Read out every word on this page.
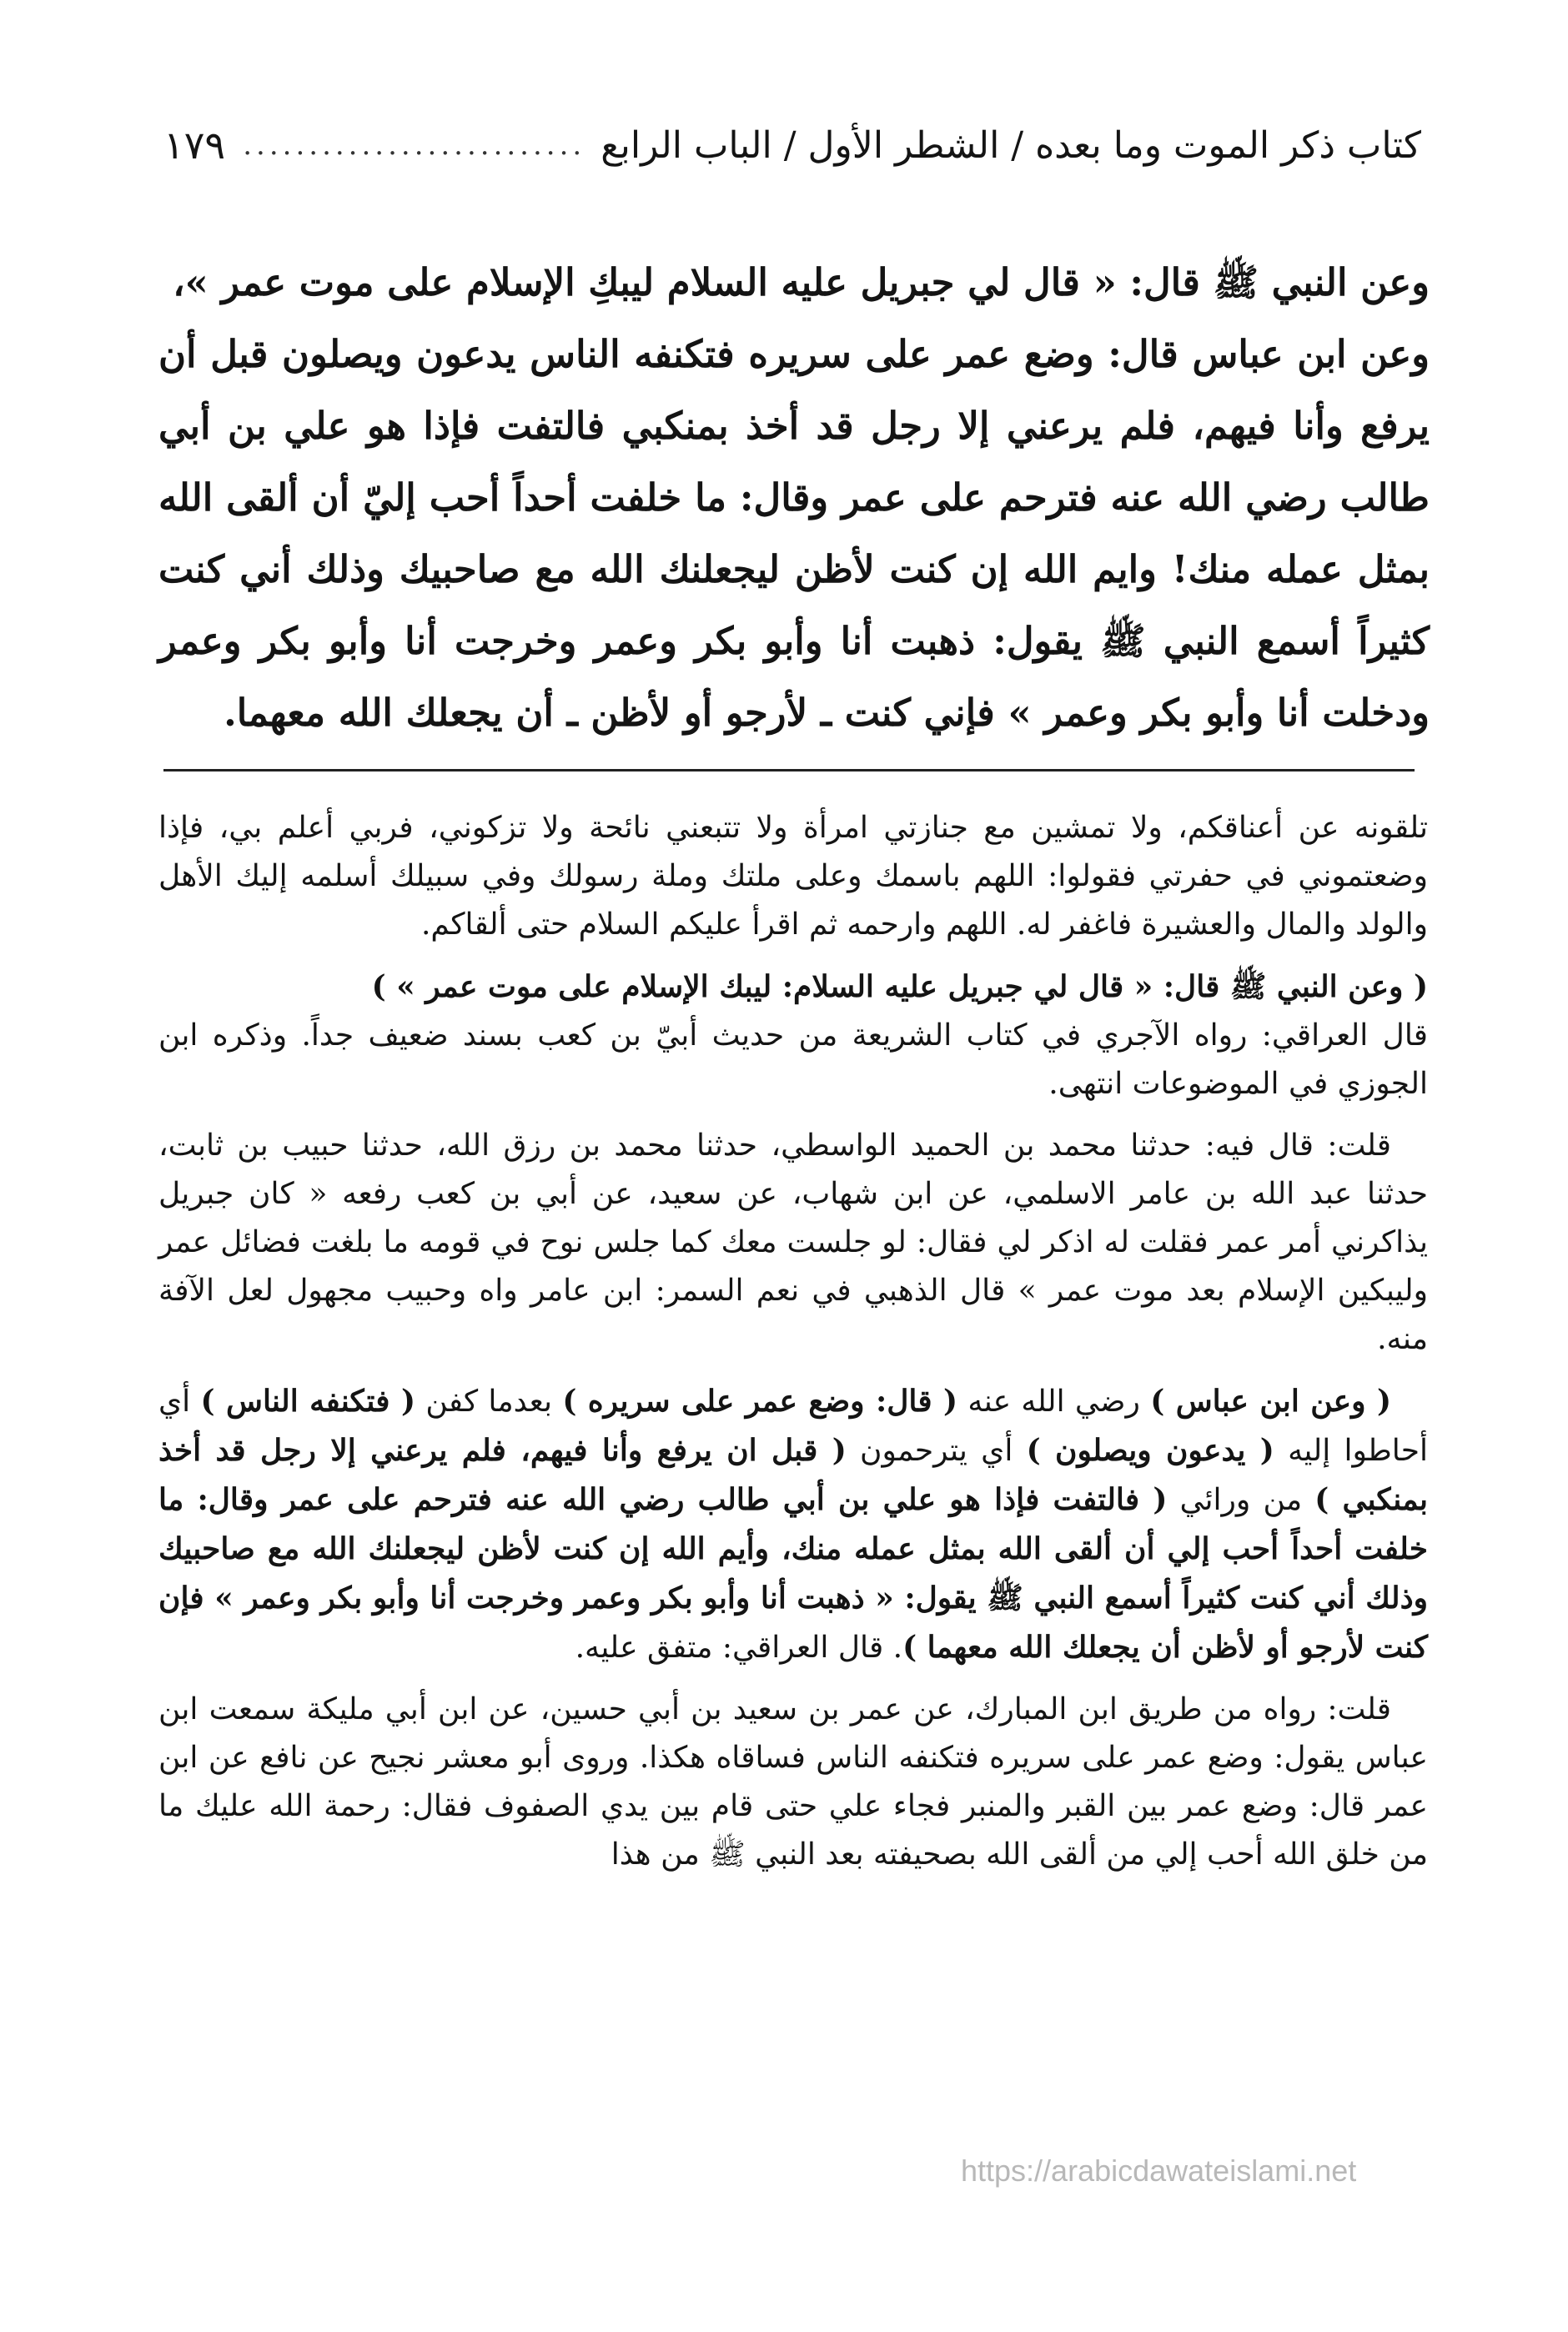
كتاب ذكر الموت وما بعده / الشطر الأول / الباب الرابع
..........................
١٧٩

وعن النبي ﷺ قال: « قال لي جبريل عليه السلام ليبكِ الإسلام على موت عمر »،

وعن ابن عباس قال: وضع عمر على سريره فتكنفه الناس يدعون ويصلون قبل أن يرفع وأنا فيهم، فلم يرعني إلا رجل قد أخذ بمنكبي فالتفت فإذا هو علي بن أبي طالب رضي الله عنه فترحم على عمر وقال: ما خلفت أحداً أحب إليّ أن ألقى الله بمثل عمله منك! وايم الله إن كنت لأظن ليجعلنك الله مع صاحبيك وذلك أني كنت كثيراً أسمع النبي ﷺ يقول: ذهبت أنا وأبو بكر وعمر وخرجت أنا وأبو بكر وعمر ودخلت أنا وأبو بكر وعمر » فإني كنت ـ لأرجو أو لأظن ـ أن يجعلك الله معهما.

تلقونه عن أعناقكم، ولا تمشين مع جنازتي امرأة ولا تتبعني نائحة ولا تزكوني، فربي أعلم بي، فإذا وضعتموني في حفرتي فقولوا: اللهم باسمك وعلى ملتك وملة رسولك وفي سبيلك أسلمه إليك الأهل والولد والمال والعشيرة فاغفر له. اللهم وارحمه ثم اقرأ عليكم السلام حتى ألقاكم.

( وعن النبي ﷺ قال: « قال لي جبريل عليه السلام: ليبك الإسلام على موت عمر » )

قال العراقي: رواه الآجري في كتاب الشريعة من حديث أبيّ بن كعب بسند ضعيف جداً. وذكره ابن الجوزي في الموضوعات انتهى.

قلت: قال فيه: حدثنا محمد بن الحميد الواسطي، حدثنا محمد بن رزق الله، حدثنا حبيب بن ثابت، حدثنا عبد الله بن عامر الاسلمي، عن ابن شهاب، عن سعيد، عن أبي بن كعب رفعه « كان جبريل يذاكرني أمر عمر فقلت له اذكر لي فقال: لو جلست معك كما جلس نوح في قومه ما بلغت فضائل عمر وليبكين الإسلام بعد موت عمر » قال الذهبي في نعم السمر: ابن عامر واه وحبيب مجهول لعل الآفة منه.

( وعن ابن عباس ) رضي الله عنه ( قال: وضع عمر على سريره ) بعدما كفن ( فتكنفه الناس ) أي أحاطوا إليه ( يدعون ويصلون ) أي يترحمون ( قبل ان يرفع وأنا فيهم، فلم يرعني إلا رجل قد أخذ بمنكبي ) من ورائي ( فالتفت فإذا هو علي بن أبي طالب رضي الله عنه فترحم على عمر وقال: ما خلفت أحداً أحب إلي أن ألقى الله بمثل عمله منك، وأيم الله إن كنت لأظن ليجعلنك الله مع صاحبيك وذلك أني كنت كثيراً أسمع النبي ﷺ يقول: « ذهبت أنا وأبو بكر وعمر وخرجت أنا وأبو بكر وعمر » فإن كنت لأرجو أو لأظن أن يجعلك الله معهما ). قال العراقي: متفق عليه.

قلت: رواه من طريق ابن المبارك، عن عمر بن سعيد بن أبي حسين، عن ابن أبي مليكة سمعت ابن عباس يقول: وضع عمر على سريره فتكنفه الناس فساقاه هكذا. وروى أبو معشر نجيح عن نافع عن ابن عمر قال: وضع عمر بين القبر والمنبر فجاء علي حتى قام بين يدي الصفوف فقال: رحمة الله عليك ما من خلق الله أحب إلي من ألقى الله بصحيفته بعد النبي ﷺ من هذا

https://arabicdawateislami.net
